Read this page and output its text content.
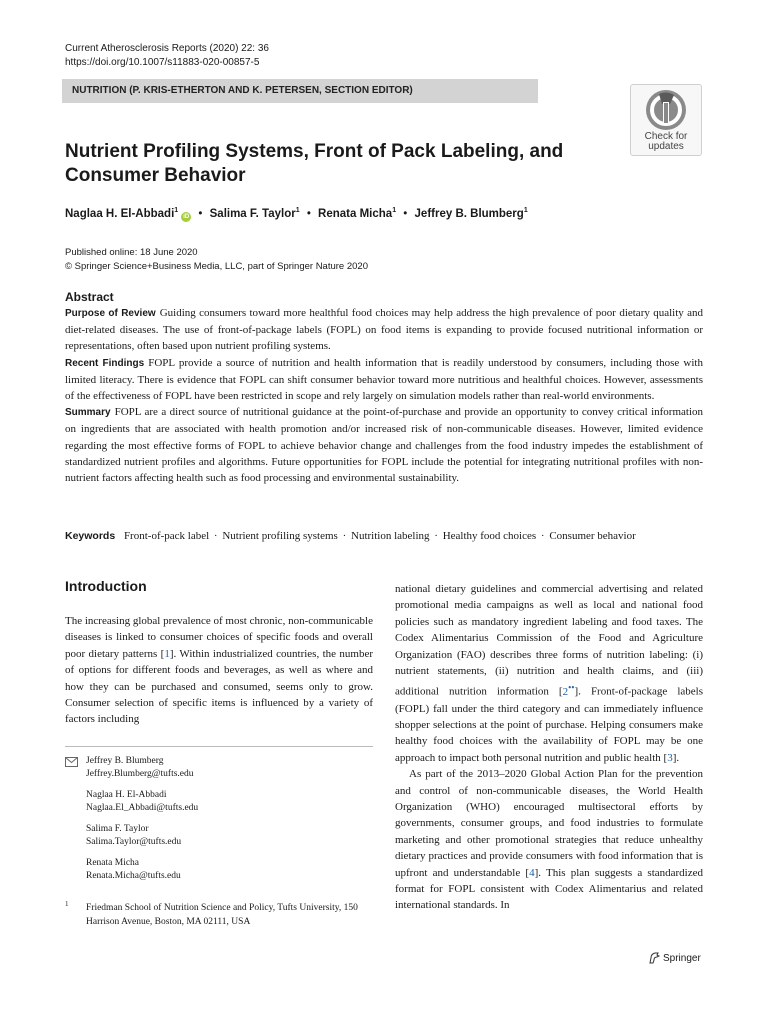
Current Atherosclerosis Reports (2020) 22: 36
https://doi.org/10.1007/s11883-020-00857-5
NUTRITION (P. KRIS-ETHERTON AND K. PETERSEN, SECTION EDITOR)
Check for
updates
Nutrient Profiling Systems, Front of Pack Labeling, and Consumer Behavior
Naglaa H. El-Abbadi$^1$iD • Salima F. Taylor$^1$ • Renata Micha$^1$ • Jeffrey B. Blumberg$^1$
Published online: 18 June 2020
© Springer Science+Business Media, LLC, part of Springer Nature 2020
Abstract

Purpose of Review Guiding consumers toward more healthful food choices may help address the high prevalence of poor dietary quality and diet-related diseases. The use of front-of-package labels (FOPL) on food items is expanding to provide focused nutritional information or representations, often based upon nutrient profiling systems.

Recent Findings FOPL provide a source of nutrition and health information that is readily understood by consumers, including those with limited literacy. There is evidence that FOPL can shift consumer behavior toward more nutritious and healthful choices. However, assessments of the effectiveness of FOPL have been restricted in scope and rely largely on simulation models rather than real-world environments.

Summary FOPL are a direct source of nutritional guidance at the point-of-purchase and provide an opportunity to convey critical information on ingredients that are associated with health promotion and/or increased risk of non-communicable diseases. However, limited evidence regarding the most effective forms of FOPL to achieve behavior change and challenges from the food industry impedes the establishment of standardized nutrient profiles and algorithms. Future opportunities for FOPL include the potential for integrating nutritional profiles with non-nutrient factors affecting health such as food processing and environmental sustainability.

Keywords Front-of-pack label · Nutrient profiling systems · Nutrition labeling · Healthy food choices · Consumer behavior
Introduction

The increasing global prevalence of most chronic, non-communicable diseases is linked to consumer choices of specific foods and overall poor dietary patterns [1]. Within industrialized countries, the number of options for different foods and beverages, as well as where and how they can be purchased and consumed, seems only to grow. Consumer selection of specific items is influenced by a variety of factors including

national dietary guidelines and commercial advertising and related promotional media campaigns as well as local and national food policies such as mandatory ingredient labeling and food taxes. The Codex Alimentarius Commission of the Food and Agriculture Organization (FAO) describes three forms of nutrition labeling: (i) nutrient statements, (ii) nutrition and health claims, and (iii) additional nutrition information [2••]. Front-of-package labels (FOPL) fall under the third category and can immediately influence shopper selections at the point of purchase. Helping consumers make healthy food choices with the availability of FOPL may be one approach to impact both personal nutrition and public health [3].

As part of the 2013–2020 Global Action Plan for the prevention and control of non-communicable diseases, the World Health Organization (WHO) encouraged multisectoral efforts by governments, consumer groups, and food industries to formulate marketing and other promotional strategies that reduce unhealthy dietary practices and provide consumers with food information that is upfront and understandable [4]. This plan suggests a standardized format for FOPL consistent with Codex Alimentarius and related international standards. In

Jeffrey B. Blumberg
Jeffrey.Blumberg@tufts.edu
Naglaa H. El-Abbadi
Naglaa.El_Abbadi@tufts.edu
Salima F. Taylor
Salima.Taylor@tufts.edu
Renata Micha
Renata.Micha@tufts.edu
1 Friedman School of Nutrition Science and Policy, Tufts University, 150 Harrison Avenue, Boston, MA 02111, USA
Springer
